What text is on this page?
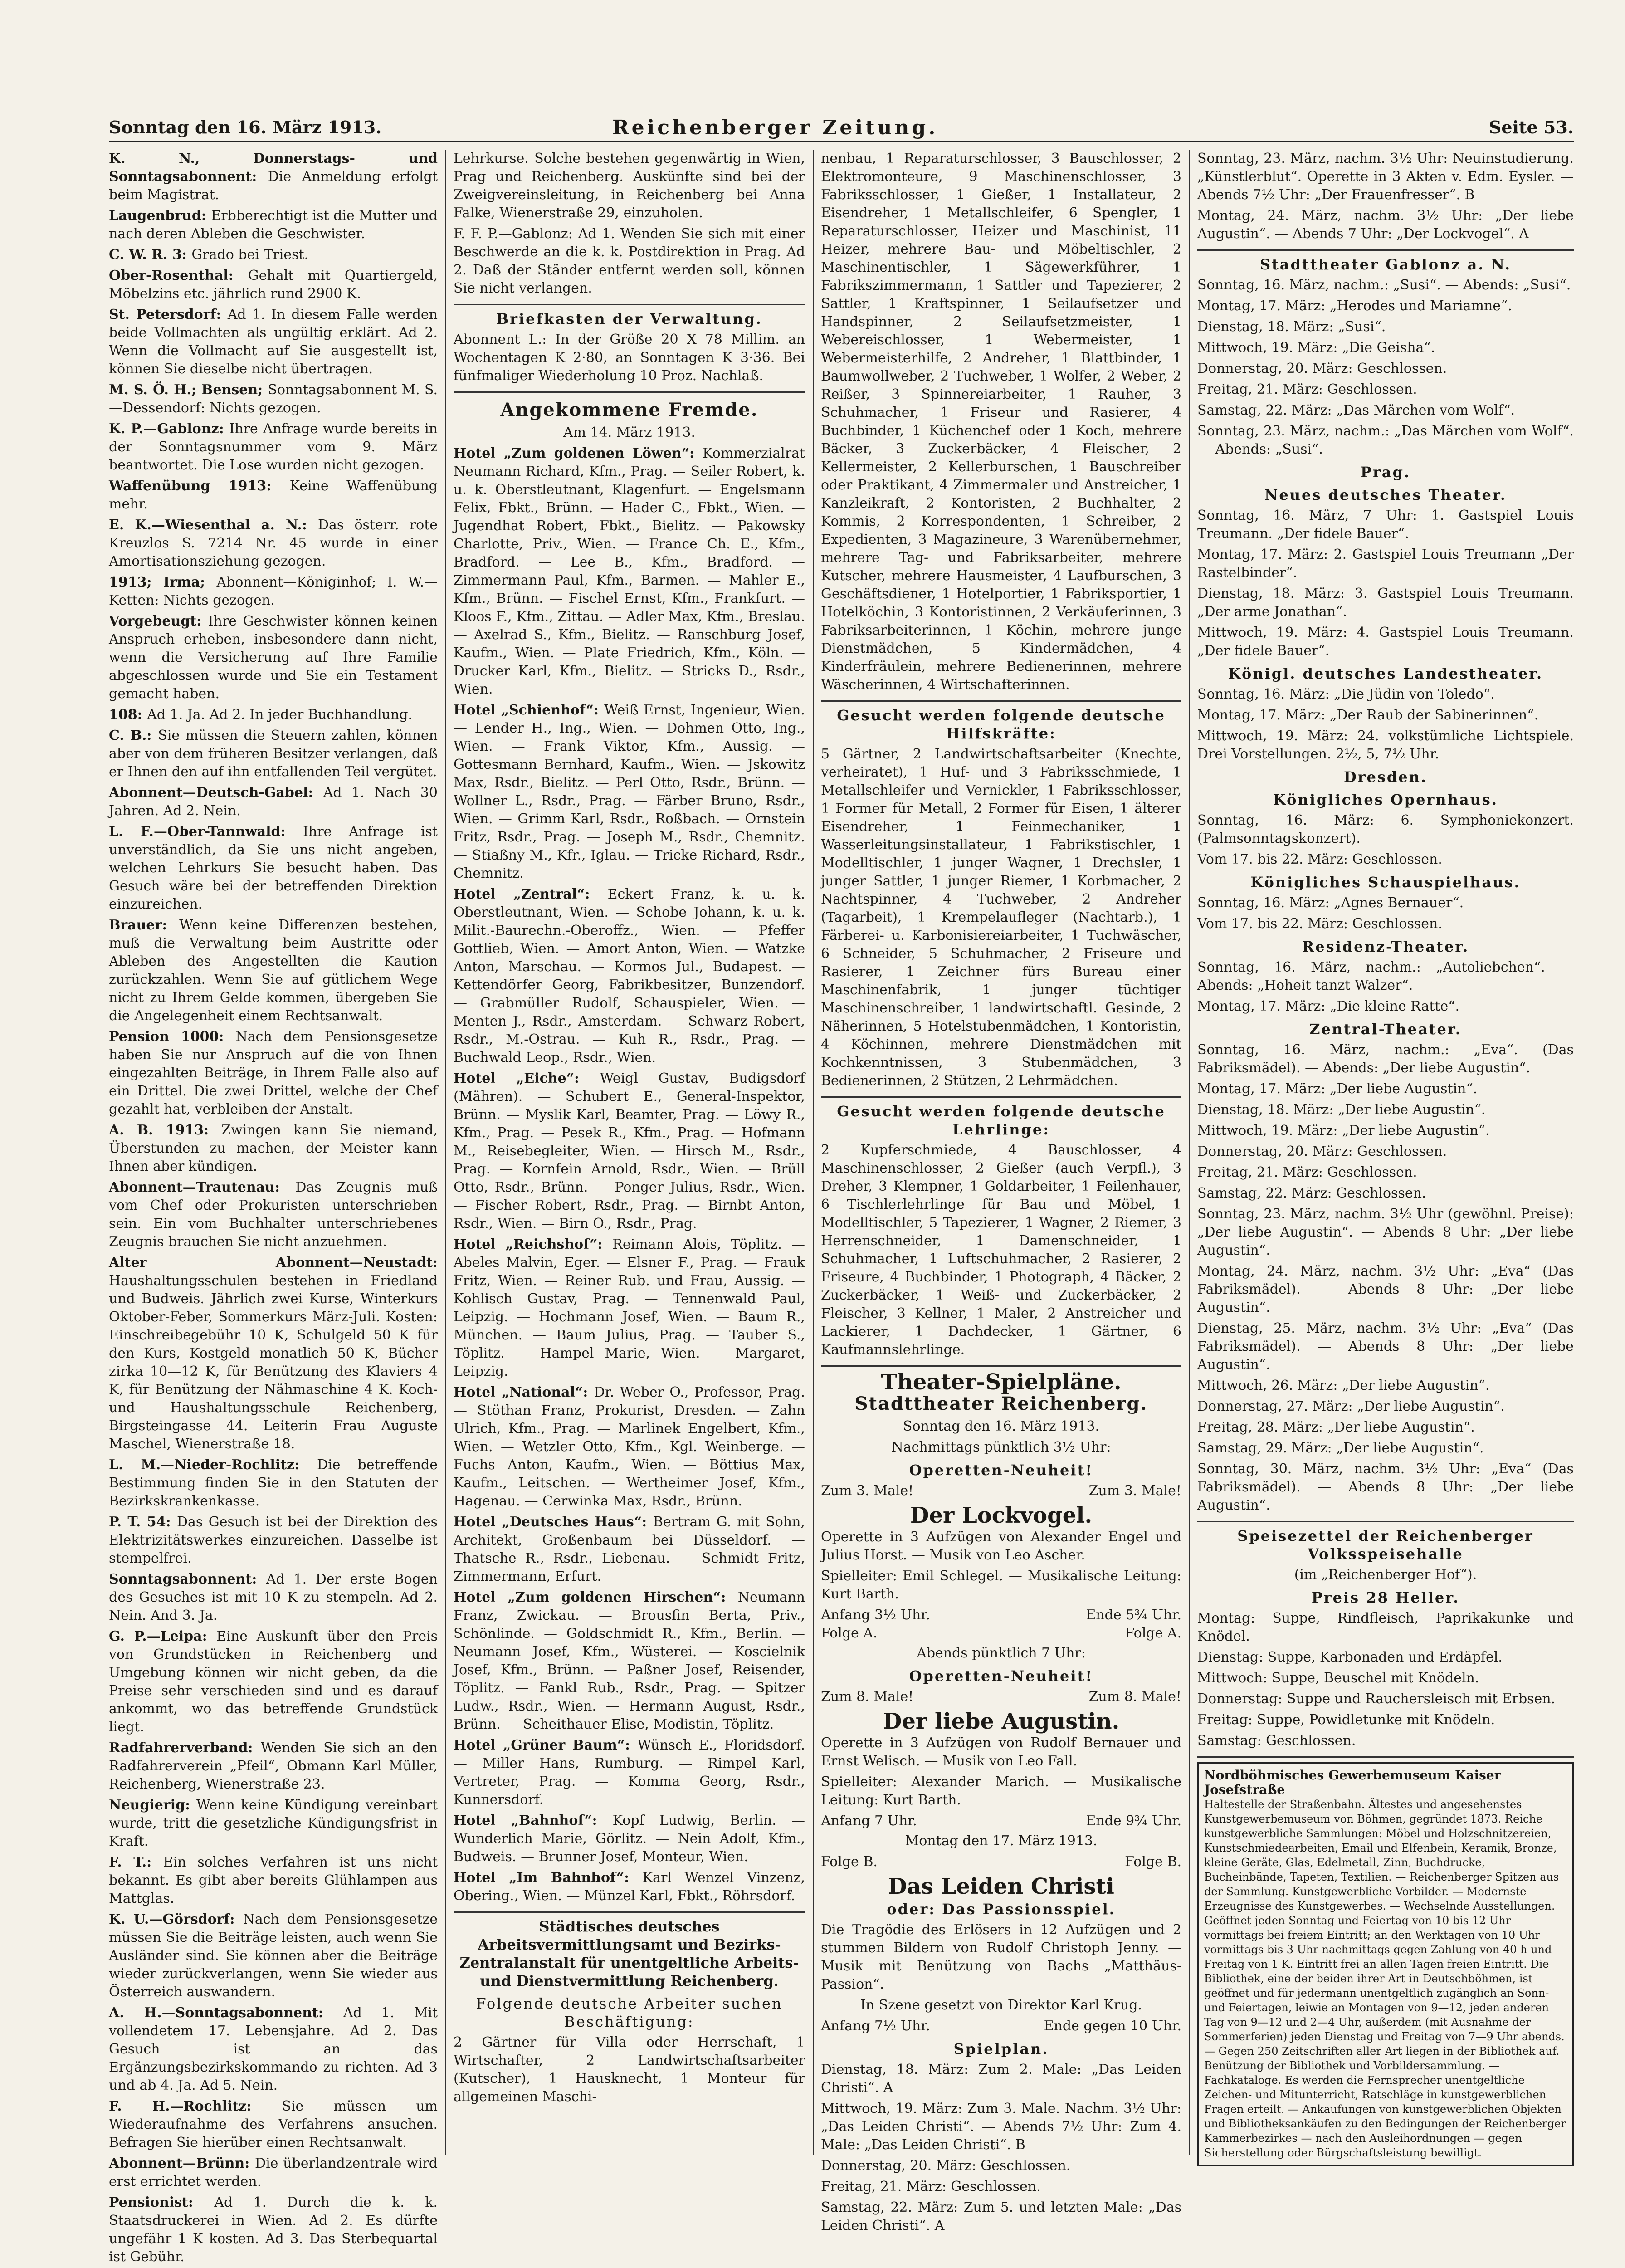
Sonntag den 16. März 1913.	Reichenberger Zeitung.	Seite 53.

K. N., Donnerstags- und Sonntagsabonnent: Die Anmeldung erfolgt beim Magistrat.

Laugenbrud: Erbberechtigt ist die Mutter und nach deren Ableben die Geschwister.

C. W. R. 3: Grado bei Triest.

Ober-Rosenthal: Gehalt mit Quartiergeld, Möbelzins etc. jährlich rund 2900 K.

St. Petersdorf: Ad 1. In diesem Falle werden beide Vollmachten als ungültig erklärt. Ad 2. Wenn die Vollmacht auf Sie ausgestellt ist, können Sie dieselbe nicht übertragen.

M. S. Ö. H.; Bensen; Sonntagsabonnent M. S.—Dessendorf: Nichts gezogen.

K. P.—Gablonz: Ihre Anfrage wurde bereits in der Sonntagsnummer vom 9. März beantwortet. Die Lose wurden nicht gezogen.

Waffenübung 1913: Keine Waffenübung mehr.

E. K.—Wiesenthal a. N.: Das österr. rote Kreuzlos S. 7214 Nr. 45 wurde in einer Amortisationsziehung gezogen.

1913; Irma; Abonnent—Königinhof; I. W.—Ketten: Nichts gezogen.

Vorgebeugt: Ihre Geschwister können keinen Anspruch erheben, insbesondere dann nicht, wenn die Versicherung auf Ihre Familie abgeschlossen wurde und Sie ein Testament gemacht haben.

108: Ad 1. Ja. Ad 2. In jeder Buchhandlung.

C. B.: Sie müssen die Steuern zahlen, können aber von dem früheren Besitzer verlangen, daß er Ihnen den auf ihn entfallenden Teil vergütet.

Abonnent—Deutsch-Gabel: Ad 1. Nach 30 Jahren. Ad 2. Nein.

L. F.—Ober-Tannwald: Ihre Anfrage ist unverständlich, da Sie uns nicht angeben, welchen Lehrkurs Sie besucht haben. Das Gesuch wäre bei der betreffenden Direktion einzureichen.

Brauer: Wenn keine Differenzen bestehen, muß die Verwaltung beim Austritte oder Ableben des Angestellten die Kaution zurückzahlen. Wenn Sie auf gütlichem Wege nicht zu Ihrem Gelde kommen, übergeben Sie die Angelegenheit einem Rechtsanwalt.

Pension 1000: Nach dem Pensionsgesetze haben Sie nur Anspruch auf die von Ihnen eingezahlten Beiträge, in Ihrem Falle also auf ein Drittel. Die zwei Drittel, welche der Chef gezahlt hat, verbleiben der Anstalt.

A. B. 1913: Zwingen kann Sie niemand, Überstunden zu machen, der Meister kann Ihnen aber kündigen.

Abonnent—Trautenau: Das Zeugnis muß vom Chef oder Prokuristen unterschrieben sein. Ein vom Buchhalter unterschriebenes Zeugnis brauchen Sie nicht anzuehmen.

Alter Abonnent—Neustadt: Haushaltungsschulen bestehen in Friedland und Budweis. Jährlich zwei Kurse, Winterkurs Oktober-Feber, Sommerkurs März-Juli. Kosten: Einschreibegebühr 10 K, Schulgeld 50 K für den Kurs, Kostgeld monatlich 50 K, Bücher zirka 10—12 K, für Benützung des Klaviers 4 K, für Benützung der Nähmaschine 4 K. Koch- und Haushaltungsschule Reichenberg, Birgsteingasse 44. Leiterin Frau Auguste Maschel, Wienerstraße 18.

L. M.—Nieder-Rochlitz: Die betreffende Bestimmung finden Sie in den Statuten der Bezirkskrankenkasse.

P. T. 54: Das Gesuch ist bei der Direktion des Elektrizitätswerkes einzureichen. Dasselbe ist stempelfrei.

Sonntagsabonnent: Ad 1. Der erste Bogen des Gesuches ist mit 10 K zu stempeln. Ad 2. Nein. And 3. Ja.

G. P.—Leipa: Eine Auskunft über den Preis von Grundstücken in Reichenberg und Umgebung können wir nicht geben, da die Preise sehr verschieden sind und es darauf ankommt, wo das betreffende Grundstück liegt.

Radfahrerverband: Wenden Sie sich an den Radfahrerverein „Pfeil“, Obmann Karl Müller, Reichenberg, Wienerstraße 23.

Neugierig: Wenn keine Kündigung vereinbart wurde, tritt die gesetzliche Kündigungsfrist in Kraft.

F. T.: Ein solches Verfahren ist uns nicht bekannt. Es gibt aber bereits Glühlampen aus Mattglas.

K. U.—Görsdorf: Nach dem Pensionsgesetze müssen Sie die Beiträge leisten, auch wenn Sie Ausländer sind. Sie können aber die Beiträge wieder zurückverlangen, wenn Sie wieder aus Österreich auswandern.

A. H.—Sonntagsabonnent: Ad 1. Mit vollendetem 17. Lebensjahre. Ad 2. Das Gesuch ist an das Ergänzungsbezirkskommando zu richten. Ad 3 und ab 4. Ja. Ad 5. Nein.

F. H.—Rochlitz: Sie müssen um Wiederaufnahme des Verfahrens ansuchen. Befragen Sie hierüber einen Rechtsanwalt.

Abonnent—Brünn: Die überlandzentrale wird erst errichtet werden.

Pensionist: Ad 1. Durch die k. k. Staatsdruckerei in Wien. Ad 2. Es dürfte ungefähr 1 K kosten. Ad 3. Das Sterbequartal ist Gebühr.

Lehrkurse. Solche bestehen gegenwärtig in Wien, Prag und Reichenberg. Auskünfte sind bei der Zweigvereinsleitung, in Reichenberg bei Anna Falke, Wienerstraße 29, einzuholen.

F. F. P.—Gablonz: Ad 1. Wenden Sie sich mit einer Beschwerde an die k. k. Postdirektion in Prag. Ad 2. Daß der Ständer entfernt werden soll, können Sie nicht verlangen.

Briefkasten der Verwaltung.

Abonnent L.: In der Größe 20 X 78 Millim. an Wochentagen K 2·80, an Sonntagen K 3·36. Bei fünfmaliger Wiederholung 10 Proz. Nachlaß.

Angekommene Fremde.
Am 14. März 1913.

Hotel „Zum goldenen Löwen“: Kommerzialrat Neumann Richard, Kfm., Prag. — Seiler Robert, k. u. k. Oberstleutnant, Klagenfurt. — Engelsmann Felix, Fbkt., Brünn. — Hader C., Fbkt., Wien. — Jugendhat Robert, Fbkt., Bielitz. — Pakowsky Charlotte, Priv., Wien. — France Ch. E., Kfm., Bradford. — Lee B., Kfm., Bradford. — Zimmermann Paul, Kfm., Barmen. — Mahler E., Kfm., Brünn. — Fischel Ernst, Kfm., Frankfurt. — Kloos F., Kfm., Zittau. — Adler Max, Kfm., Breslau. — Axelrad S., Kfm., Bielitz. — Ranschburg Josef, Kaufm., Wien. — Plate Friedrich, Kfm., Köln. — Drucker Karl, Kfm., Bielitz. — Stricks D., Rsdr., Wien.

Hotel „Schienhof“: Weiß Ernst, Ingenieur, Wien. — Lender H., Ing., Wien. — Dohmen Otto, Ing., Wien. — Frank Viktor, Kfm., Aussig. — Gottesmann Bernhard, Kaufm., Wien. — Jskowitz Max, Rsdr., Bielitz. — Perl Otto, Rsdr., Brünn. — Wollner L., Rsdr., Prag. — Färber Bruno, Rsdr., Wien. — Grimm Karl, Rsdr., Roßbach. — Ornstein Fritz, Rsdr., Prag. — Joseph M., Rsdr., Chemnitz. — Stiaßny M., Kfr., Iglau. — Tricke Richard, Rsdr., Chemnitz.

Hotel „Zentral“: Eckert Franz, k. u. k. Oberstleutnant, Wien. — Schobe Johann, k. u. k. Milit.-Baurechn.-Oberoffz., Wien. — Pfeffer Gottlieb, Wien. — Amort Anton, Wien. — Watzke Anton, Marschau. — Kormos Jul., Budapest. — Kettendörfer Georg, Fabrikbesitzer, Bunzendorf. — Grabmüller Rudolf, Schauspieler, Wien. — Menten J., Rsdr., Amsterdam. — Schwarz Robert, Rsdr., M.-Ostrau. — Kuh R., Rsdr., Prag. — Buchwald Leop., Rsdr., Wien.

Hotel „Eiche“: Weigl Gustav, Budigsdorf (Mähren). — Schubert E., General-Inspektor, Brünn. — Myslik Karl, Beamter, Prag. — Löwy R., Kfm., Prag. — Pesek R., Kfm., Prag. — Hofmann M., Reisebegleiter, Wien. — Hirsch M., Rsdr., Prag. — Kornfein Arnold, Rsdr., Wien. — Brüll Otto, Rsdr., Brünn. — Ponger Julius, Rsdr., Wien. — Fischer Robert, Rsdr., Prag. — Birnbt Anton, Rsdr., Wien. — Birn O., Rsdr., Prag.

Hotel „Reichshof“: Reimann Alois, Töplitz. — Abeles Malvin, Eger. — Elsner F., Prag. — Frauk Fritz, Wien. — Reiner Rub. und Frau, Aussig. — Kohlisch Gustav, Prag. — Tennenwald Paul, Leipzig. — Hochmann Josef, Wien. — Baum R., München. — Baum Julius, Prag. — Tauber S., Töplitz. — Hampel Marie, Wien. — Margaret, Leipzig.

Hotel „National“: Dr. Weber O., Professor, Prag. — Stöthan Franz, Prokurist, Dresden. — Zahn Ulrich, Kfm., Prag. — Marlinek Engelbert, Kfm., Wien. — Wetzler Otto, Kfm., Kgl. Weinberge. — Fuchs Anton, Kaufm., Wien. — Böttius Max, Kaufm., Leitschen. — Wertheimer Josef, Kfm., Hagenau. — Cerwinka Max, Rsdr., Brünn.

Hotel „Deutsches Haus“: Bertram G. mit Sohn, Architekt, Großenbaum bei Düsseldorf. — Thatsche R., Rsdr., Liebenau. — Schmidt Fritz, Zimmermann, Erfurt.

Hotel „Zum goldenen Hirschen“: Neumann Franz, Zwickau. — Brousfin Berta, Priv., Schönlinde. — Goldschmidt R., Kfm., Berlin. — Neumann Josef, Kfm., Wüsterei. — Koscielnik Josef, Kfm., Brünn. — Paßner Josef, Reisender, Töplitz. — Fankl Rub., Rsdr., Prag. — Spitzer Ludw., Rsdr., Wien. — Hermann August, Rsdr., Brünn. — Scheithauer Elise, Modistin, Töplitz.

Hotel „Grüner Baum“: Wünsch E., Floridsdorf. — Miller Hans, Rumburg. — Rimpel Karl, Vertreter, Prag. — Komma Georg, Rsdr., Kunnersdorf.

Hotel „Bahnhof“: Kopf Ludwig, Berlin. — Wunderlich Marie, Görlitz. — Nein Adolf, Kfm., Budweis. — Brunner Josef, Monteur, Wien.

Hotel „Im Bahnhof“: Karl Wenzel Vinzenz, Obering., Wien. — Münzel Karl, Fbkt., Röhrsdorf.

Städtisches deutsches Arbeitsvermittlungsamt und Bezirks-Zentralanstalt für unentgeltliche Arbeits- und Dienstvermittlung Reichenberg.
Folgende deutsche Arbeiter suchen Beschäftigung:

2 Gärtner für Villa oder Herrschaft, 1 Wirtschafter, 2 Landwirtschaftsarbeiter (Kutscher), 1 Hausknecht, 1 Monteur für allgemeinen Maschi-

nenbau, 1 Reparaturschlosser, 3 Bauschlosser, 2 Elektromonteure, 9 Maschinenschlosser, 3 Fabriksschlosser, 1 Gießer, 1 Installateur, 2 Eisendreher, 1 Metallschleifer, 6 Spengler, 1 Reparaturschlosser, Heizer und Maschinist, 11 Heizer, mehrere Bau- und Möbeltischler, 2 Maschinentischler, 1 Sägewerkführer, 1 Fabrikszimmermann, 1 Sattler und Tapezierer, 2 Sattler, 1 Kraftspinner, 1 Seilaufsetzer und Handspinner, 2 Seilaufsetzmeister, 1 Webereischlosser, 1 Webermeister, 1 Webermeisterhilfe, 2 Andreher, 1 Blattbinder, 1 Baumwollweber, 2 Tuchweber, 1 Wolfer, 2 Weber, 2 Reißer, 3 Spinnereiarbeiter, 1 Rauher, 3 Schuhmacher, 1 Friseur und Rasierer, 4 Buchbinder, 1 Küchenchef oder 1 Koch, mehrere Bäcker, 3 Zuckerbäcker, 4 Fleischer, 2 Kellermeister, 2 Kellerburschen, 1 Bauschreiber oder Praktikant, 4 Zimmermaler und Anstreicher, 1 Kanzleikraft, 2 Kontoristen, 2 Buchhalter, 2 Kommis, 2 Korrespondenten, 1 Schreiber, 2 Expedienten, 3 Magazineure, 3 Warenübernehmer, mehrere Tag- und Fabriksarbeiter, mehrere Kutscher, mehrere Hausmeister, 4 Laufburschen, 3 Geschäftsdiener, 1 Hotelportier, 1 Fabriksportier, 1 Hotelköchin, 3 Kontoristinnen, 2 Verkäuferinnen, 3 Fabriksarbeiterinnen, 1 Köchin, mehrere junge Dienstmädchen, 5 Kindermädchen, 4 Kinderfräulein, mehrere Bedienerinnen, mehrere Wäscherinnen, 4 Wirtschafterinnen.

Gesucht werden folgende deutsche Hilfskräfte:

5 Gärtner, 2 Landwirtschaftsarbeiter (Knechte, verheiratet), 1 Huf- und 3 Fabriksschmiede, 1 Metallschleifer und Vernickler, 1 Fabriksschlosser, 1 Former für Metall, 2 Former für Eisen, 1 älterer Eisendreher, 1 Feinmechaniker, 1 Wasserleitungsinstallateur, 1 Fabrikstischler, 1 Modelltischler, 1 junger Wagner, 1 Drechsler, 1 junger Sattler, 1 junger Riemer, 1 Korbmacher, 2 Nachtspinner, 4 Tuchweber, 2 Andreher (Tagarbeit), 1 Krempelaufleger (Nachtarb.), 1 Färberei- u. Karbonisiereiarbeiter, 1 Tuchwäscher, 6 Schneider, 5 Schuhmacher, 2 Friseure und Rasierer, 1 Zeichner fürs Bureau einer Maschinenfabrik, 1 junger tüchtiger Maschinenschreiber, 1 landwirtschaftl. Gesinde, 2 Näherinnen, 5 Hotelstubenmädchen, 1 Kontoristin, 4 Köchinnen, mehrere Dienstmädchen mit Kochkenntnissen, 3 Stubenmädchen, 3 Bedienerinnen, 2 Stützen, 2 Lehrmädchen.

Gesucht werden folgende deutsche Lehrlinge:

2 Kupferschmiede, 4 Bauschlosser, 4 Maschinenschlosser, 2 Gießer (auch Verpfl.), 3 Dreher, 3 Klempner, 1 Goldarbeiter, 1 Feilenhauer, 6 Tischlerlehrlinge für Bau und Möbel, 1 Modelltischler, 5 Tapezierer, 1 Wagner, 2 Riemer, 3 Herrenschneider, 1 Damenschneider, 1 Schuhmacher, 1 Luftschuhmacher, 2 Rasierer, 2 Friseure, 4 Buchbinder, 1 Photograph, 4 Bäcker, 2 Zuckerbäcker, 1 Weiß- und Zuckerbäcker, 2 Fleischer, 3 Kellner, 1 Maler, 2 Anstreicher und Lackierer, 1 Dachdecker, 1 Gärtner, 6 Kaufmannslehrlinge.

Theater-Spielpläne.
Stadttheater Reichenberg.
Sonntag den 16. März 1913.
Nachmittags pünktlich 3½ Uhr:
Operetten-Neuheit!
Zum 3. Male!	Zum 3. Male!
Der Lockvogel.

Operette in 3 Aufzügen von Alexander Engel und Julius Horst. — Musik von Leo Ascher.

Spielleiter: Emil Schlegel. — Musikalische Leitung: Kurt Barth.

Anfang 3½ Uhr.	Ende 5¾ Uhr.
Folge A.	Folge A.
Abends pünktlich 7 Uhr:
Operetten-Neuheit!
Zum 8. Male!	Zum 8. Male!
Der liebe Augustin.

Operette in 3 Aufzügen von Rudolf Bernauer und Ernst Welisch. — Musik von Leo Fall.

Spielleiter: Alexander Marich. — Musikalische Leitung: Kurt Barth.

Anfang 7 Uhr.	Ende 9¾ Uhr.
Montag den 17. März 1913.
Folge B.	Folge B.
Das Leiden Christi
oder: Das Passionsspiel.

Die Tragödie des Erlösers in 12 Aufzügen und 2 stummen Bildern von Rudolf Christoph Jenny. — Musik mit Benützung von Bachs „Matthäus-Passion“.

In Szene gesetzt von Direktor Karl Krug.
Anfang 7½ Uhr.	Ende gegen 10 Uhr.
Spielplan.

Dienstag, 18. März: Zum 2. Male: „Das Leiden Christi“. A

Mittwoch, 19. März: Zum 3. Male. Nachm. 3½ Uhr: „Das Leiden Christi“. — Abends 7½ Uhr: Zum 4. Male: „Das Leiden Christi“. B

Donnerstag, 20. März: Geschlossen.

Freitag, 21. März: Geschlossen.

Samstag, 22. März: Zum 5. und letzten Male: „Das Leiden Christi“. A

Sonntag, 23. März, nachm. 3½ Uhr: Neuinstudierung. „Künstlerblut“. Operette in 3 Akten v. Edm. Eysler. — Abends 7½ Uhr: „Der Frauenfresser“. B

Montag, 24. März, nachm. 3½ Uhr: „Der liebe Augustin“. — Abends 7 Uhr: „Der Lockvogel“. A

Stadttheater Gablonz a. N.

Sonntag, 16. März, nachm.: „Susi“. — Abends: „Susi“.

Montag, 17. März: „Herodes und Mariamne“.

Dienstag, 18. März: „Susi“.

Mittwoch, 19. März: „Die Geisha“.

Donnerstag, 20. März: Geschlossen.

Freitag, 21. März: Geschlossen.

Samstag, 22. März: „Das Märchen vom Wolf“.

Sonntag, 23. März, nachm.: „Das Märchen vom Wolf“. — Abends: „Susi“.

Prag.
Neues deutsches Theater.

Sonntag, 16. März, 7 Uhr: 1. Gastspiel Louis Treumann. „Der fidele Bauer“.

Montag, 17. März: 2. Gastspiel Louis Treumann „Der Rastelbinder“.

Dienstag, 18. März: 3. Gastspiel Louis Treumann. „Der arme Jonathan“.

Mittwoch, 19. März: 4. Gastspiel Louis Treumann. „Der fidele Bauer“.

Königl. deutsches Landestheater.

Sonntag, 16. März: „Die Jüdin von Toledo“.

Montag, 17. März: „Der Raub der Sabinerinnen“.

Mittwoch, 19. März: 24. volkstümliche Lichtspiele. Drei Vorstellungen. 2½, 5, 7½ Uhr.

Dresden.
Königliches Opernhaus.

Sonntag, 16. März: 6. Symphoniekonzert. (Palmsonntagskonzert).

Vom 17. bis 22. März: Geschlossen.

Königliches Schauspielhaus.

Sonntag, 16. März: „Agnes Bernauer“.

Vom 17. bis 22. März: Geschlossen.

Residenz-Theater.

Sonntag, 16. März, nachm.: „Autoliebchen“. — Abends: „Hoheit tanzt Walzer“.

Montag, 17. März: „Die kleine Ratte“.

Zentral-Theater.

Sonntag, 16. März, nachm.: „Eva“. (Das Fabriksmädel). — Abends: „Der liebe Augustin“.

Montag, 17. März: „Der liebe Augustin“.

Dienstag, 18. März: „Der liebe Augustin“.

Mittwoch, 19. März: „Der liebe Augustin“.

Donnerstag, 20. März: Geschlossen.

Freitag, 21. März: Geschlossen.

Samstag, 22. März: Geschlossen.

Sonntag, 23. März, nachm. 3½ Uhr (gewöhnl. Preise): „Der liebe Augustin“. — Abends 8 Uhr: „Der liebe Augustin“.

Montag, 24. März, nachm. 3½ Uhr: „Eva“ (Das Fabriksmädel). — Abends 8 Uhr: „Der liebe Augustin“.

Dienstag, 25. März, nachm. 3½ Uhr: „Eva“ (Das Fabriksmädel). — Abends 8 Uhr: „Der liebe Augustin“.

Mittwoch, 26. März: „Der liebe Augustin“.

Donnerstag, 27. März: „Der liebe Augustin“.

Freitag, 28. März: „Der liebe Augustin“.

Samstag, 29. März: „Der liebe Augustin“.

Sonntag, 30. März, nachm. 3½ Uhr: „Eva“ (Das Fabriksmädel). — Abends 8 Uhr: „Der liebe Augustin“.

Speisezettel der Reichenberger Volksspeisehalle
(im „Reichenberger Hof“).
Preis 28 Heller.

Montag: Suppe, Rindfleisch, Paprikakunke und Knödel.

Dienstag: Suppe, Karbonaden und Erdäpfel.

Mittwoch: Suppe, Beuschel mit Knödeln.

Donnerstag: Suppe und Rauchersleisch mit Erbsen.

Freitag: Suppe, Powidletunke mit Knödeln.

Samstag: Geschlossen.

Nordböhmisches Gewerbemuseum Kaiser Josefstraße
Haltestelle der Straßenbahn. Ältestes und angesehenstes Kunstgewerbemuseum von Böhmen, gegründet 1873. Reiche kunstgewerbliche Sammlungen: Möbel und Holzschnitzereien, Kunstschmiedearbeiten, Email und Elfenbein, Keramik, Bronze, kleine Geräte, Glas, Edelmetall, Zinn, Buchdrucke, Bucheinbände, Tapeten, Textilien. — Reichenberger Spitzen aus der Sammlung. Kunstgewerbliche Vorbilder. — Modernste Erzeugnisse des Kunstgewerbes. — Wechselnde Ausstellungen. Geöffnet jeden Sonntag und Feiertag von 10 bis 12 Uhr vormittags bei freiem Eintritt; an den Werktagen von 10 Uhr vormittags bis 3 Uhr nachmittags gegen Zahlung von 40 h und Freitag von 1 K. Eintritt frei an allen Tagen freien Eintritt. Die Bibliothek, eine der beiden ihrer Art in Deutschböhmen, ist geöffnet und für jedermann unentgeltlich zugänglich an Sonn- und Feiertagen, leiwie an Montagen von 9—12, jeden anderen Tag von 9—12 und 2—4 Uhr, außerdem (mit Ausnahme der Sommerferien) jeden Dienstag und Freitag von 7—9 Uhr abends. — Gegen 250 Zeitschriften aller Art liegen in der Bibliothek auf. Benützung der Bibliothek und Vorbildersammlung. — Fachkataloge. Es werden die Fernsprecher unentgeltliche Zeichen- und Mitunterricht, Ratschläge in kunstgewerblichen Fragen erteilt. — Ankaufungen von kunstgewerblichen Objekten und Bibliotheksankäufen zu den Bedingungen der Reichenberger Kammerbezirkes — nach den Ausleihordnungen — gegen Sicherstellung oder Bürgschaftsleistung bewilligt.
